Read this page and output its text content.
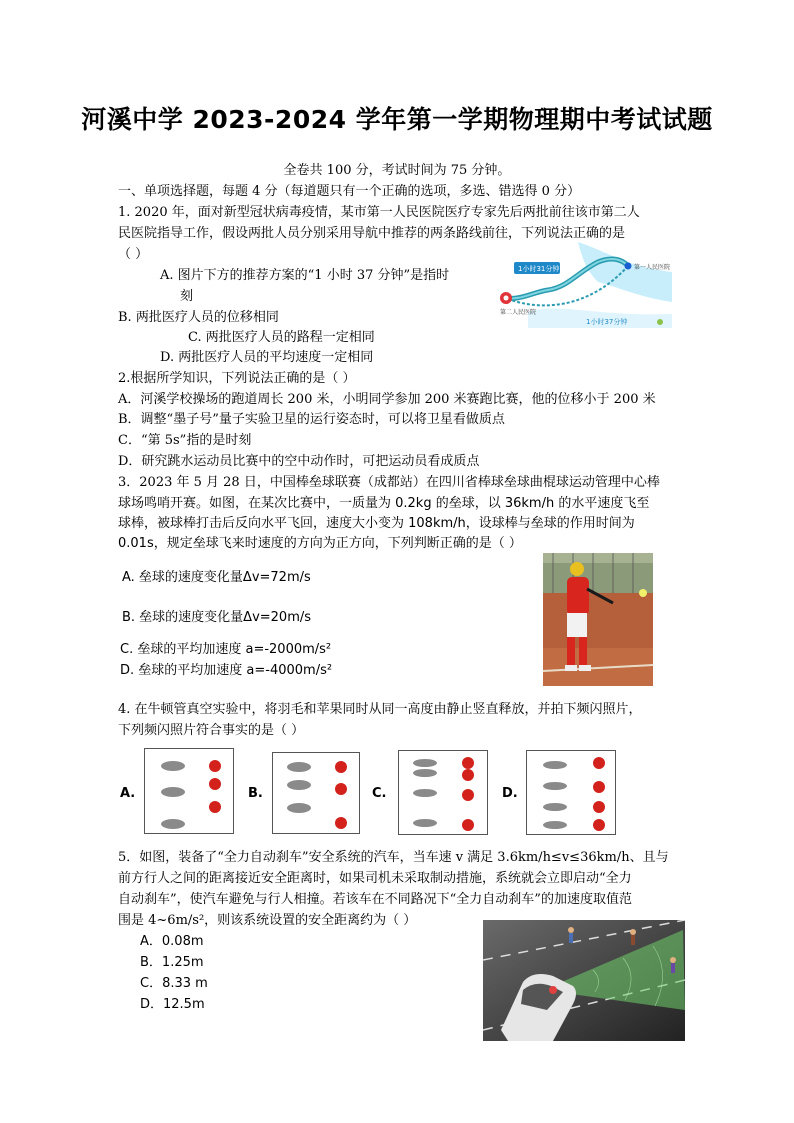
河溪中学 2023-2024 学年第一学期物理期中考试试题
全卷共 100 分，考试时间为 75 分钟。
一、单项选择题，每题 4 分（每道题只有一个正确的选项，多选、错选得 0 分）
1. 2020 年，面对新型冠状病毒疫情，某市第一人民医院医疗专家先后两批前往该市第二人
民医院指导工作，假设两批人员分别采用导航中推荐的两条路线前往，下列说法正确的是
（ ）
A. 图片下方的推荐方案的“1 小时 37 分钟”是指时
刻
B. 两批医疗人员的位移相同
C. 两批医疗人员的路程一定相同
D. 两批医疗人员的平均速度一定相同
1小时31分钟
1小时37分钟
第一人民医院
第二人民医院
2.根据所学知识，下列说法正确的是（ ）
A．河溪学校操场的跑道周长 200 米，小明同学参加 200 米赛跑比赛，他的位移小于 200 米
B．调整“墨子号”量子实验卫星的运行姿态时，可以将卫星看做质点
C．“第 5s”指的是时刻
D．研究跳水运动员比赛中的空中动作时，可把运动员看成质点
3．2023 年 5 月 28 日，中国棒垒球联赛（成都站）在四川省棒球垒球曲棍球运动管理中心棒
球场鸣哨开赛。如图，在某次比赛中，一质量为 0.2kg 的垒球，以 36km/h 的水平速度飞至
球棒，被球棒打击后反向水平飞回，速度大小变为 108km/h，设球棒与垒球的作用时间为
0.01s，规定垒球飞来时速度的方向为正方向，下列判断正确的是（ ）
A. 垒球的速度变化量Δv=72m/s
B. 垒球的速度变化量Δv=20m/s
C. 垒球的平均加速度 a=-2000m/s²
D. 垒球的平均加速度 a=-4000m/s²
4. 在牛顿管真空实验中，将羽毛和苹果同时从同一高度由静止竖直释放，并拍下频闪照片，
下列频闪照片符合事实的是（ ）
A.	B.	C.	D.
5．如图，装备了“全力自动刹车”安全系统的汽车，当车速 v 满足 3.6km/h≤v≤36km/h、且与
前方行人之间的距离接近安全距离时，如果司机未采取制动措施，系统就会立即启动“全力
自动刹车”，使汽车避免与行人相撞。若该车在不同路况下“全力自动刹车”的加速度取值范
围是 4~6m/s²，则该系统设置的安全距离约为（ ）
A．0.08m
B．1.25m
C．8.33 m
D．12.5m
